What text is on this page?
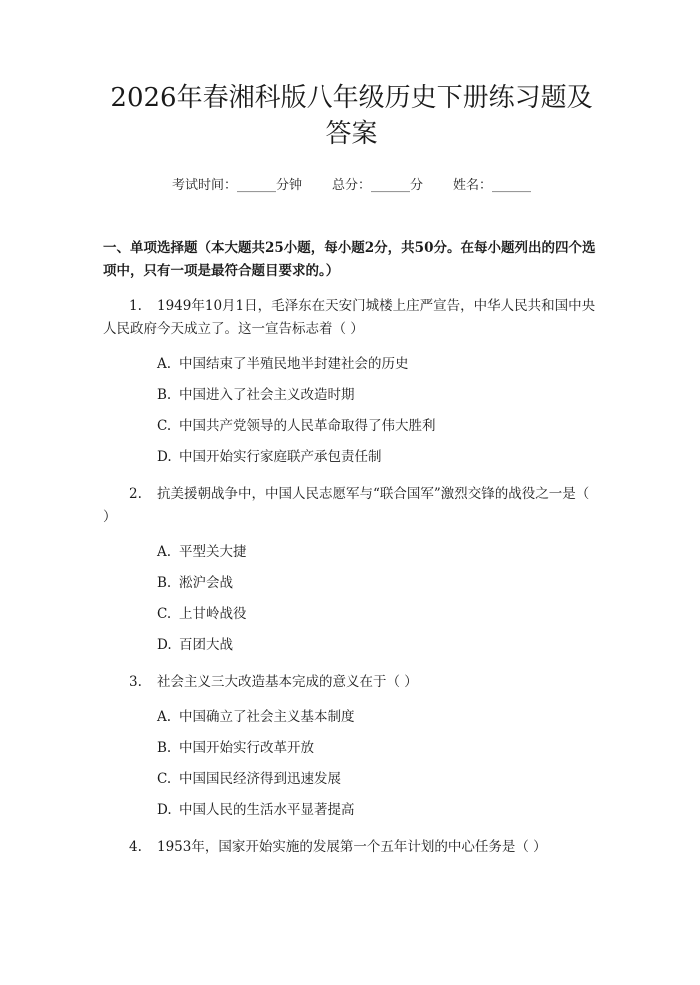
2026年春湘科版八年级历史下册练习题及答案
考试时间：______分钟 总分：______分 姓名：______
一、单项选择题（本大题共25小题，每小题2分，共50分。在每小题列出的四个选项中，只有一项是最符合题目要求的。）
1. 1949年10月1日，毛泽东在天安门城楼上庄严宣告，中华人民共和国中央人民政府今天成立了。这一宣告标志着（ ）
A. 中国结束了半殖民地半封建社会的历史
B. 中国进入了社会主义改造时期
C. 中国共产党领导的人民革命取得了伟大胜利
D. 中国开始实行家庭联产承包责任制
2. 抗美援朝战争中，中国人民志愿军与“联合国军”激烈交锋的战役之一是（ ）
A. 平型关大捷
B. 淞沪会战
C. 上甘岭战役
D. 百团大战
3. 社会主义三大改造基本完成的意义在于（ ）
A. 中国确立了社会主义基本制度
B. 中国开始实行改革开放
C. 中国国民经济得到迅速发展
D. 中国人民的生活水平显著提高
4. 1953年，国家开始实施的发展第一个五年计划的中心任务是（ ）
